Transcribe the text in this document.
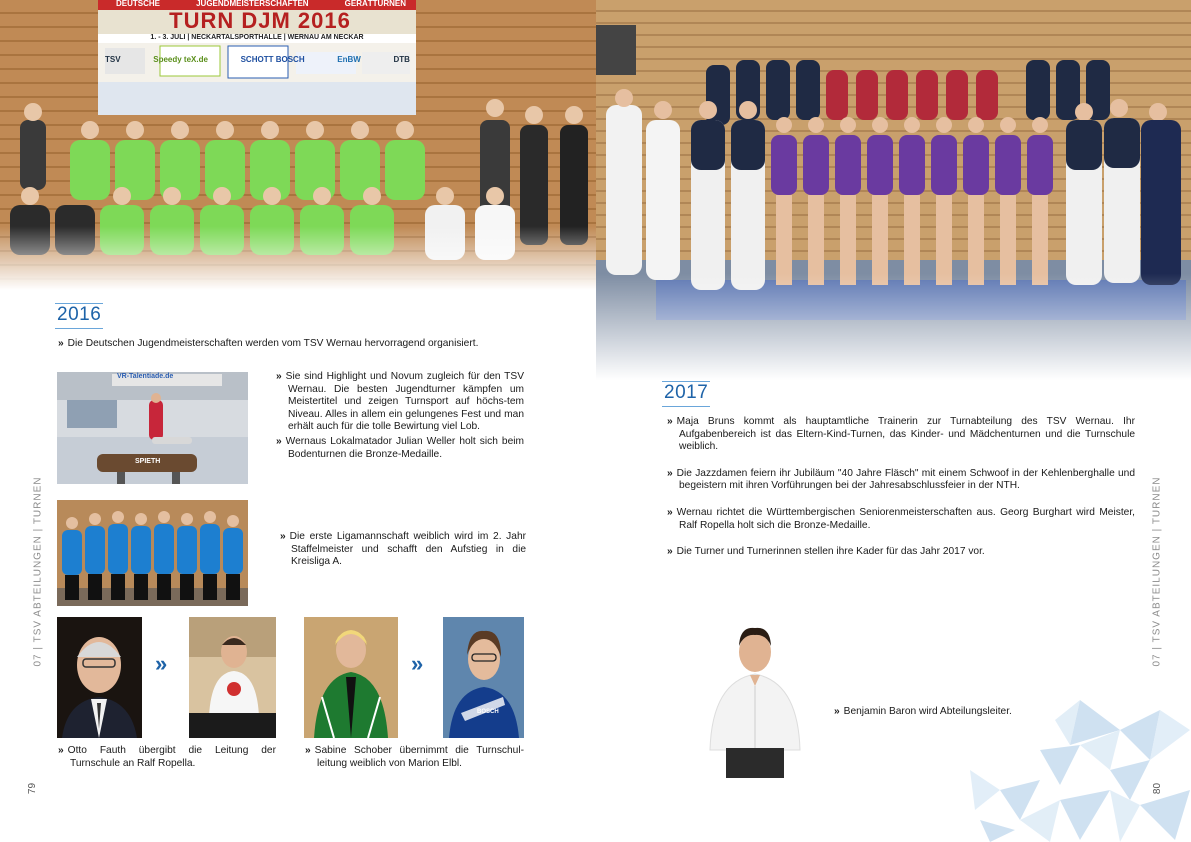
DEUTSCHE	JUGENDMEISTERSCHAFTEN	GERÄTTURNEN
TURN DJM 2016
1. - 3. JULI | NECKARTALSPORTHALLE | WERNAU AM NECKAR
TSV	Speedy teX.de	SCHOTT BOSCH	EnBW	DTB
2016
» Die Deutschen Jugendmeisterschaften werden vom TSV Wernau hervorragend organisiert.
VR-Talentiade.de
SPIETH
» Sie sind Highlight und Novum zugleich für den TSV Wernau. Die besten Jugendturner kämpfen um Meistertitel und zeigen Turnsport auf höchs-tem Niveau. Alles in allem ein gelungenes Fest und man erhält auch für die tolle Bewirtung viel Lob.
» Wernaus Lokalmatador Julian Weller holt sich beim Bodenturnen die Bronze-Medaille.
» Die erste Ligamannschaft weiblich wird im 2. Jahr Staffelmeister und schafft den Aufstieg in die Kreisliga A.
»	»
BOSCH
» Otto Fauth übergibt die Leitung der Turnschule an Ralf Ropella.
» Sabine Schober übernimmt die Turnschul-leitung weiblich von Marion Elbl.
07 | TSV ABTEILUNGEN | TURNEN
79
2017
» Maja Bruns kommt als hauptamtliche Trainerin zur Turnabteilung des TSV Wernau. Ihr Aufgabenbereich ist das Eltern-Kind-Turnen, das Kinder- und Mädchenturnen und die Turnschule weiblich.
» Die Jazzdamen feiern ihr Jubiläum "40 Jahre Fläsch" mit einem Schwoof in der Kehlenberghalle und begeistern mit ihren Vorführungen bei der Jahresabschlussfeier in der NTH.
» Wernau richtet die Württembergischen Seniorenmeisterschaften aus. Georg Burghart wird Meister, Ralf Ropella holt sich die Bronze-Medaille.
» Die Turner und Turnerinnen stellen ihre Kader für das Jahr 2017 vor.
» Benjamin Baron wird Abteilungsleiter.
07 | TSV ABTEILUNGEN | TURNEN
80
